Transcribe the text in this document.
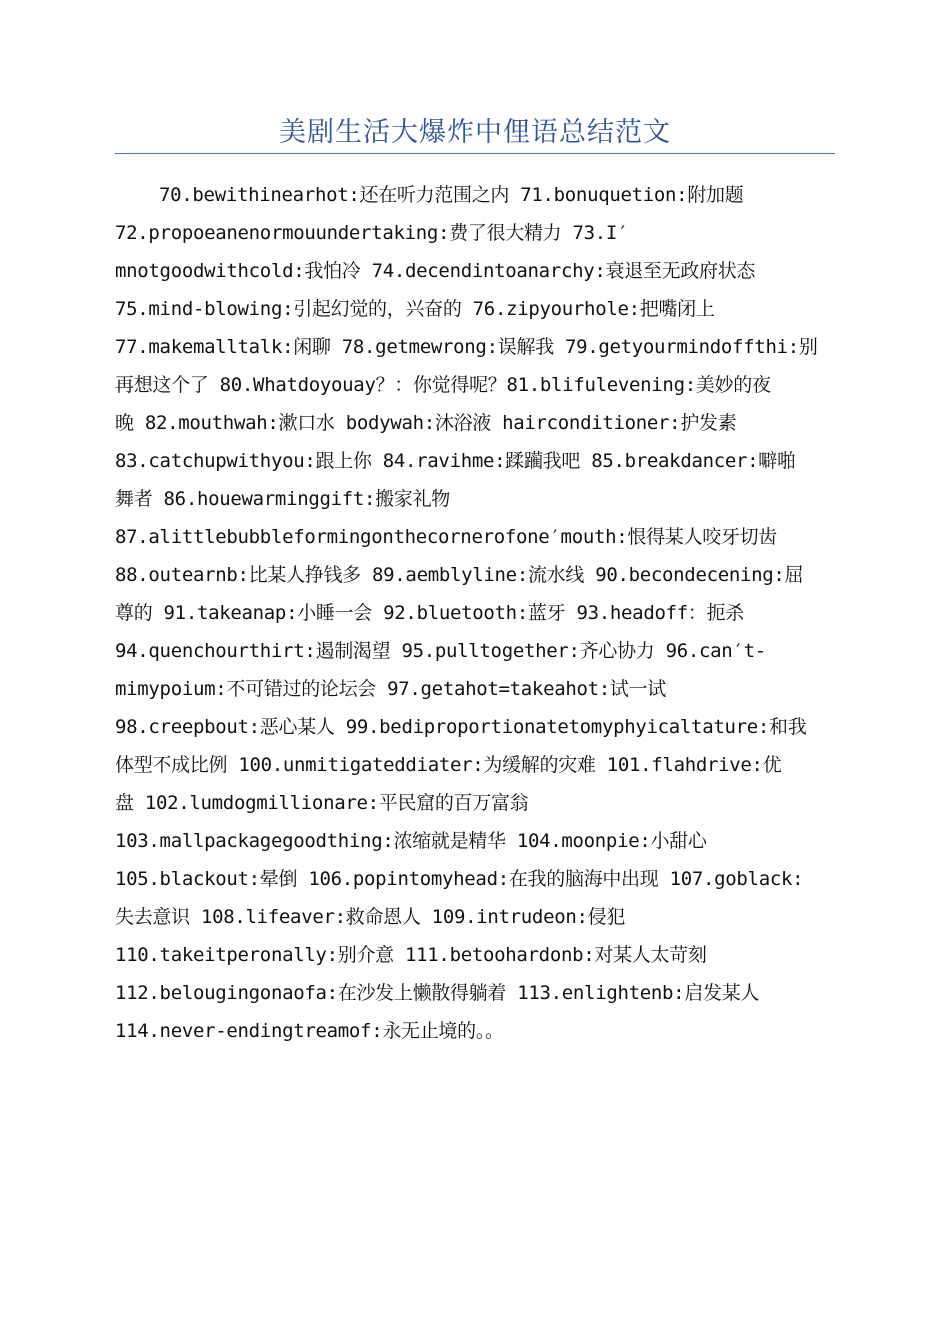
美剧生活大爆炸中俚语总结范文
70.bewithinearhot:还在听力范围之内 71.bonuquetion:附加题
72.propoeanenormouundertaking:费了很大精力 73.I′
mnotgoodwithcold:我怕冷 74.decendintoanarchy:衰退至无政府状态
75.mind-blowing:引起幻觉的，兴奋的 76.zipyourhole:把嘴闭上
77.makemalltalk:闲聊 78.getmewrong:误解我 79.getyourmindoffthi:别
再想这个了 80.Whatdoyouay？：你觉得呢？81.blifulevening:美妙的夜
晚 82.mouthwah:漱口水 bodywah:沐浴液 hairconditioner:护发素
83.catchupwithyou:跟上你 84.ravihme:蹂躏我吧 85.breakdancer:噼啪
舞者 86.houewarminggift:搬家礼物
87.alittlebubbleformingonthecornerofone′mouth:恨得某人咬牙切齿
88.outearnb:比某人挣钱多 89.aemblyline:流水线 90.becondecening:屈
尊的 91.takeanap:小睡一会 92.bluetooth:蓝牙 93.headoff：扼杀
94.quenchourthirt:遏制渴望 95.pulltogether:齐心协力 96.can′t-
mimypoium:不可错过的论坛会 97.getahot=takeahot:试一试
98.creepbout:恶心某人 99.bediproportionatetomyphyicaltature:和我
体型不成比例 100.unmitigateddiater:为缓解的灾难 101.flahdrive:优
盘 102.lumdogmillionare:平民窟的百万富翁
103.mallpackagegoodthing:浓缩就是精华 104.moonpie:小甜心
105.blackout:晕倒 106.popintomyhead:在我的脑海中出现 107.goblack:
失去意识 108.lifeaver:救命恩人 109.intrudeon:侵犯
110.takeitperonally:别介意 111.betoohardonb:对某人太苛刻
112.belougingonaofa:在沙发上懒散得躺着 113.enlightenb:启发某人
114.never-endingtreamof:永无止境的。。
